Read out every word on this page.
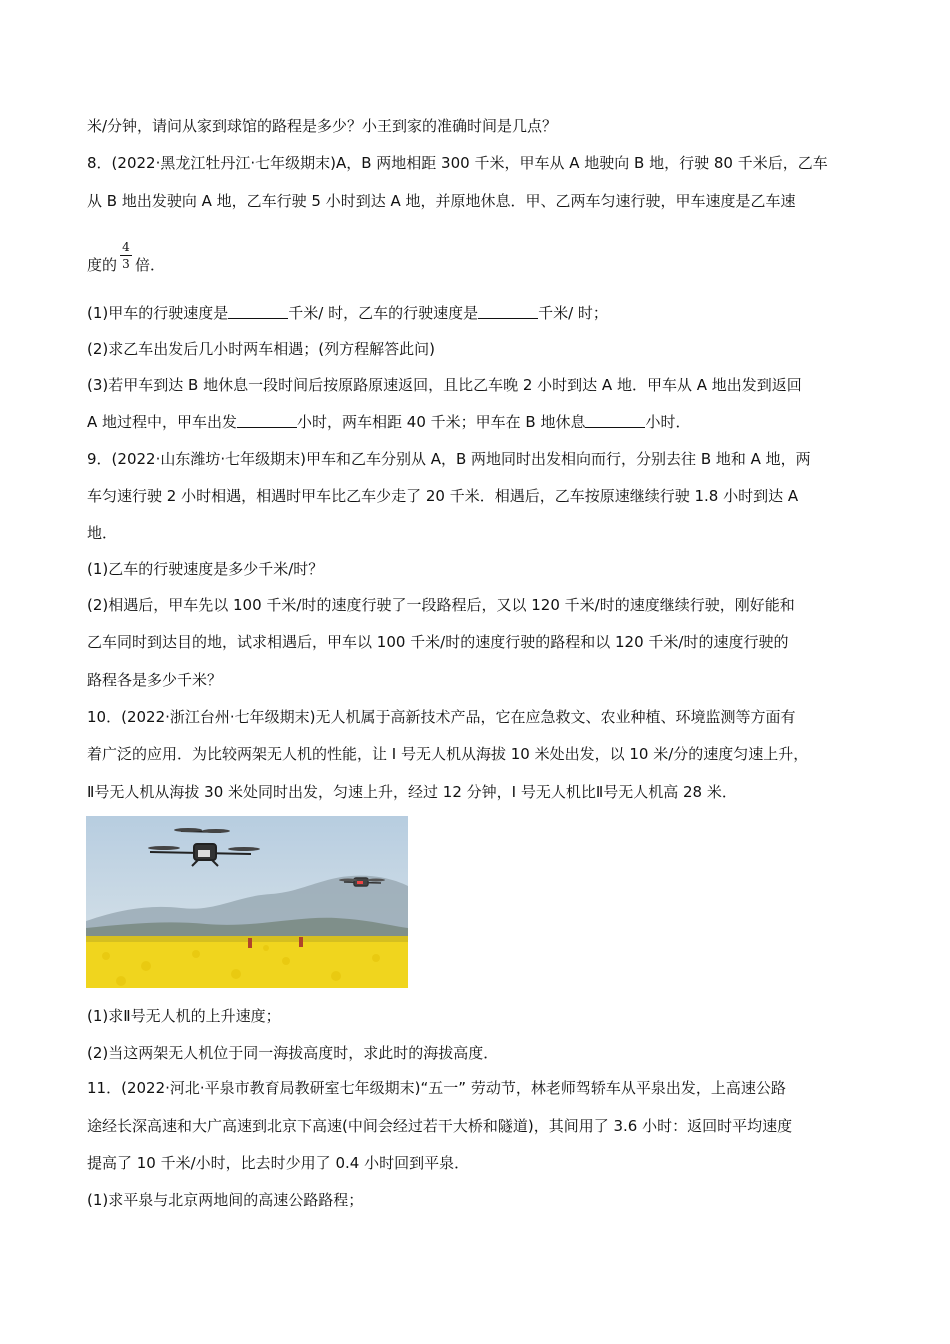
米/分钟，请问从家到球馆的路程是多少？小王到家的准确时间是几点？
8．(2022·黑龙江牡丹江·七年级期末)A，B 两地相距 300 千米，甲车从 A 地驶向 B 地，行驶 80 千米后，乙车
从 B 地出发驶向 A 地，乙车行驶 5 小时到达 A 地，并原地休息．甲、乙两车匀速行驶，甲车速度是乙车速
4
3
度的 倍．
(1)甲车的行驶速度是	千米/ 时，乙车的行驶速度是	千米/ 时；
(2)求乙车出发后几小时两车相遇；(列方程解答此问)
(3)若甲车到达 B 地休息一段时间后按原路原速返回，且比乙车晚 2 小时到达 A 地．甲车从 A 地出发到返回
A 地过程中，甲车出发	小时，两车相距 40 千米；甲车在 B 地休息	小时．
9．(2022·山东潍坊·七年级期末)甲车和乙车分别从 A，B 两地同时出发相向而行，分别去往 B 地和 A 地，两
车匀速行驶 2 小时相遇，相遇时甲车比乙车少走了 20 千米．相遇后，乙车按原速继续行驶 1.8 小时到达 A
地．
(1)乙车的行驶速度是多少千米/时？
(2)相遇后，甲车先以 100 千米/时的速度行驶了一段路程后，又以 120 千米/时的速度继续行驶，刚好能和
乙车同时到达目的地，试求相遇后，甲车以 100 千米/时的速度行驶的路程和以 120 千米/时的速度行驶的
路程各是多少千米？
10．(2022·浙江台州·七年级期末)无人机属于高新技术产品，它在应急救文、农业种植、环境监测等方面有
着广泛的应用．为比较两架无人机的性能，让 I 号无人机从海拔 10 米处出发，以 10 米/分的速度匀速上升，
Ⅱ号无人机从海拔 30 米处同时出发，匀速上升，经过 12 分钟，I 号无人机比Ⅱ号无人机高 28 米．
(1)求Ⅱ号无人机的上升速度；
(2)当这两架无人机位于同一海拔高度时，求此时的海拔高度．
11．(2022·河北·平泉市教育局教研室七年级期末)“五一” 劳动节，林老师驾轿车从平泉出发，上高速公路
途经长深高速和大广高速到北京下高速(中间会经过若干大桥和隧道)，其间用了 3.6 小时：返回时平均速度
提高了 10 千米/小时，比去时少用了 0.4 小时回到平泉．
(1)求平泉与北京两地间的高速公路路程；
